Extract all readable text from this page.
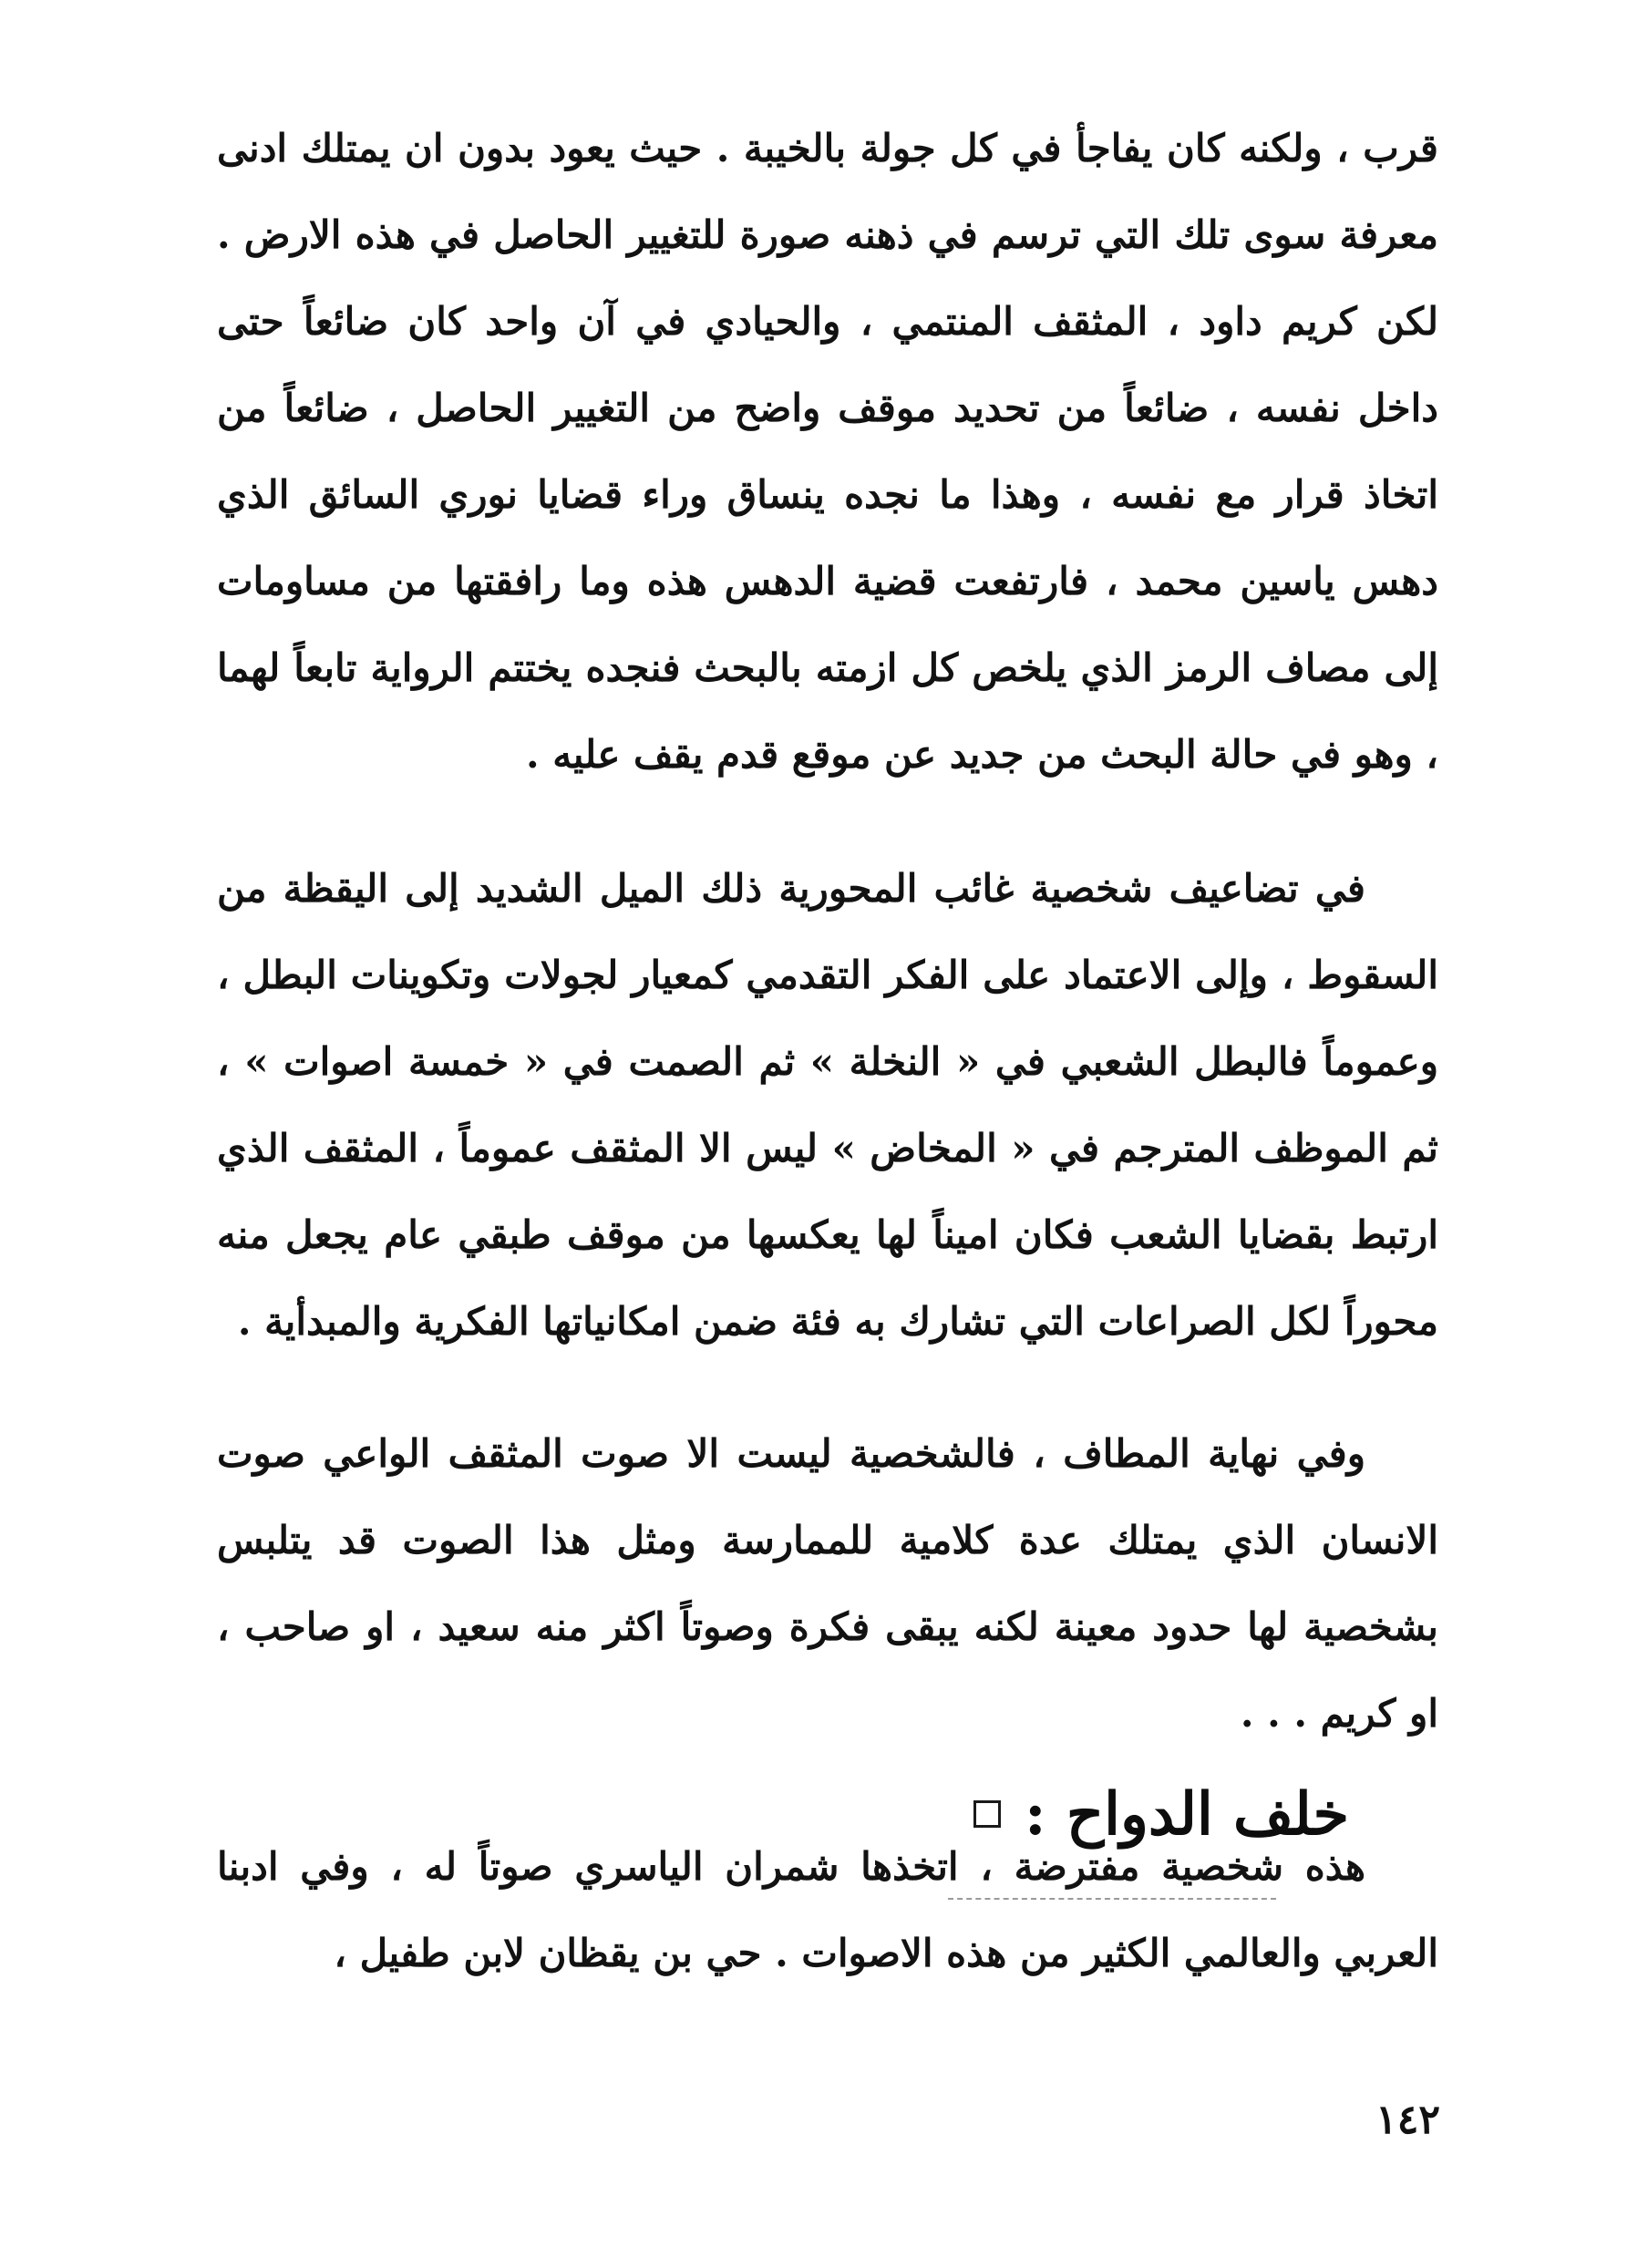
قرب ، ولكنه كان يفاجأ في كل جولة بالخيبة . حيث يعود بدون ان يمتلك ادنى معرفة سوى تلك التي ترسم في ذهنه صورة للتغيير الحاصل في هذه الارض . لكن كريم داود ، المثقف المنتمي ، والحيادي في آن واحد كان ضائعاً حتى داخل نفسه ، ضائعاً من تحديد موقف واضح من التغيير الحاصل ، ضائعاً من اتخاذ قرار مع نفسه ، وهذا ما نجده ينساق وراء قضايا نوري السائق الذي دهس ياسين محمد ، فارتفعت قضية الدهس هذه وما رافقتها من مساومات إلى مصاف الرمز الذي يلخص كل ازمته بالبحث فنجده يختتم الرواية تابعاً لهما ، وهو في حالة البحث من جديد عن موقع قدم يقف عليه .

في تضاعيف شخصية غائب المحورية ذلك الميل الشديد إلى اليقظة من السقوط ، وإلى الاعتماد على الفكر التقدمي كمعيار لجولات وتكوينات البطل ، وعموماً فالبطل الشعبي في « النخلة » ثم الصمت في « خمسة اصوات » ، ثم الموظف المترجم في « المخاض » ليس الا المثقف عموماً ، المثقف الذي ارتبط بقضايا الشعب فكان اميناً لها يعكسها من موقف طبقي عام يجعل منه محوراً لكل الصراعات التي تشارك به فئة ضمن امكانياتها الفكرية والمبدأية .

وفي نهاية المطاف ، فالشخصية ليست الا صوت المثقف الواعي صوت الانسان الذي يمتلك عدة كلامية للممارسة ومثل هذا الصوت قد يتلبس بشخصية لها حدود معينة لكنه يبقى فكرة وصوتاً اكثر منه سعيد ، او صاحب ، او كريم . . .

خلف الدواح :

هذه شخصية مفترضة ، اتخذها شمران الياسري صوتاً له ، وفي ادبنا العربي والعالمي الكثير من هذه الاصوات . حي بن يقظان لابن طفيل ،

١٤٢
